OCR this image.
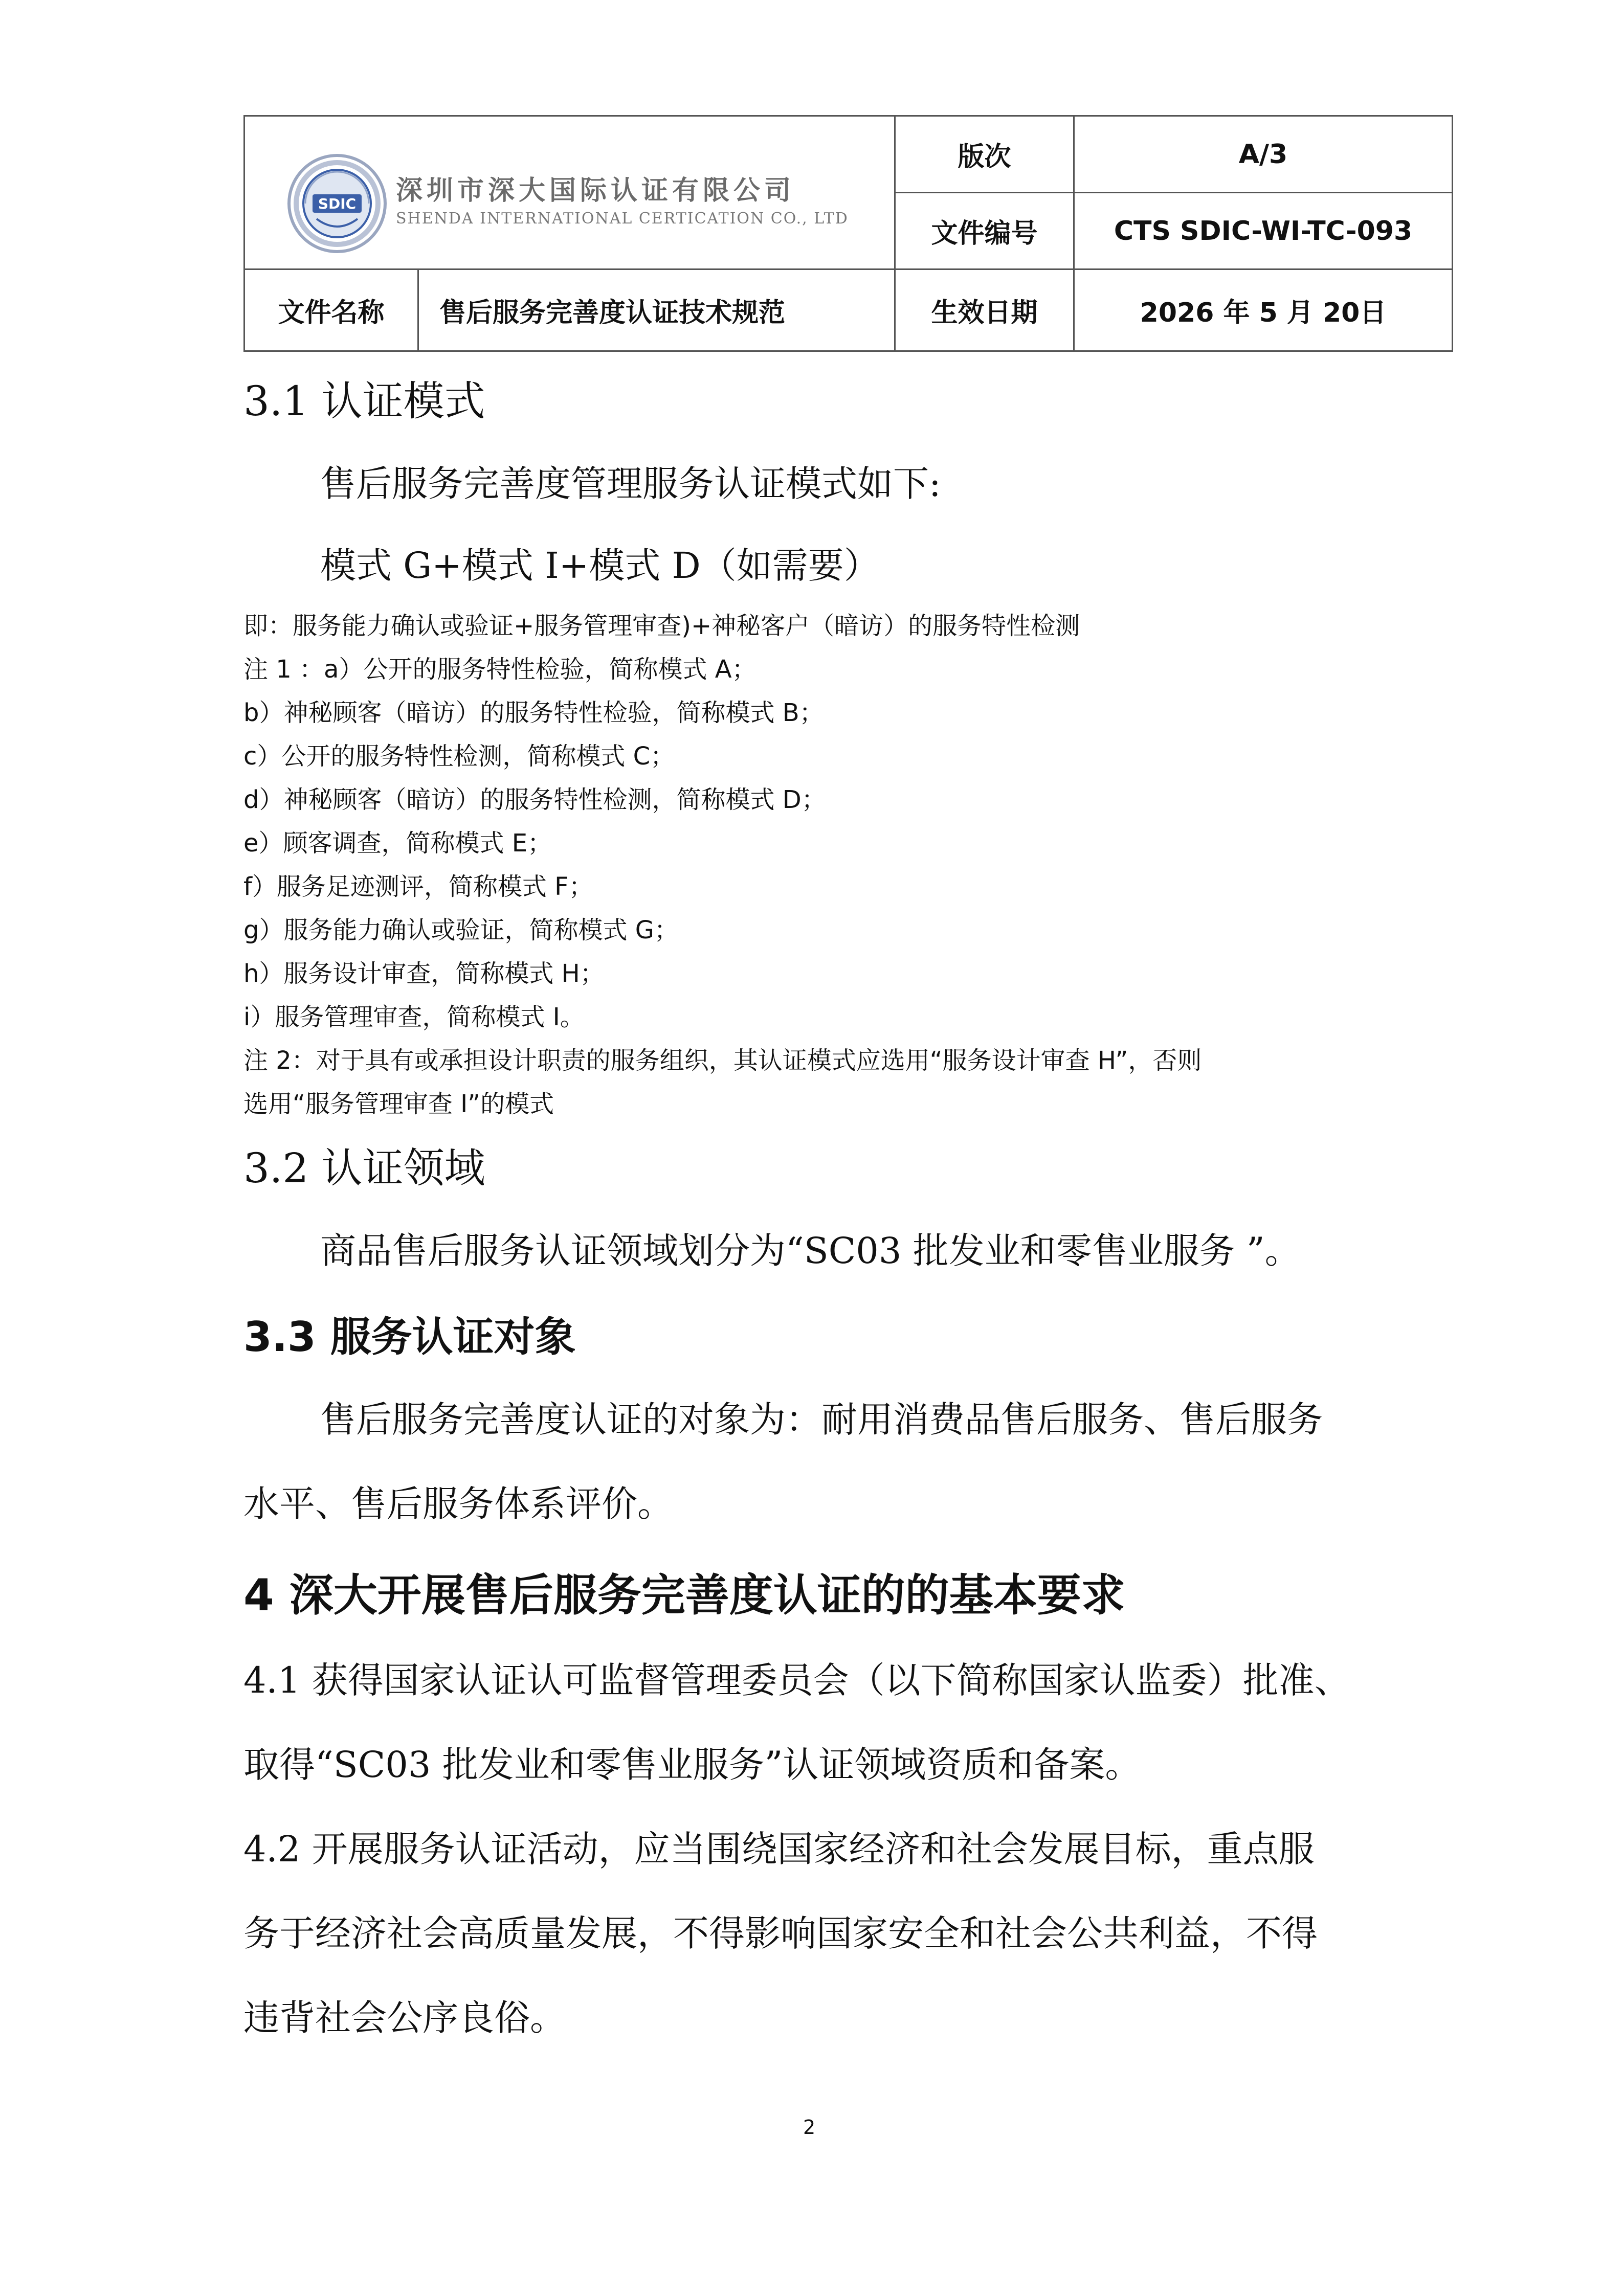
SDIC 深圳市深大国际认证有限公司
SHENDA INTERNATIONAL CERTICATION CO., LTD		版次	A/3
		文件编号	CTS SDIC-WI-TC-093
文件名称	售后服务完善度认证技术规范	生效日期	2026 年 5 月 20日
3.1 认证模式
售后服务完善度管理服务认证模式如下:
模式 G+模式 I+模式 D（如需要）
即：服务能力确认或验证+服务管理审查)+神秘客户（暗访）的服务特性检测
注 1 ：a）公开的服务特性检验，简称模式 A；
b）神秘顾客（暗访）的服务特性检验，简称模式 B；
c）公开的服务特性检测，简称模式 C；
d）神秘顾客（暗访）的服务特性检测，简称模式 D；
e）顾客调查，简称模式 E；
f）服务足迹测评，简称模式 F；
g）服务能力确认或验证，简称模式 G；
h）服务设计审查，简称模式 H；
i）服务管理审查，简称模式 I。
注 2：对于具有或承担设计职责的服务组织，其认证模式应选用“服务设计审查 H”，否则
选用“服务管理审查 I”的模式
3.2 认证领域
商品售后服务认证领域划分为“SC03 批发业和零售业服务 ”。
3.3 服务认证对象
售后服务完善度认证的对象为：耐用消费品售后服务、售后服务
水平、售后服务体系评价。
4 深大开展售后服务完善度认证的的基本要求
4.1 获得国家认证认可监督管理委员会（以下简称国家认监委）批准、
取得“SC03 批发业和零售业服务”认证领域资质和备案。
4.2 开展服务认证活动，应当围绕国家经济和社会发展目标，重点服
务于经济社会高质量发展，不得影响国家安全和社会公共利益，不得
违背社会公序良俗。
2
